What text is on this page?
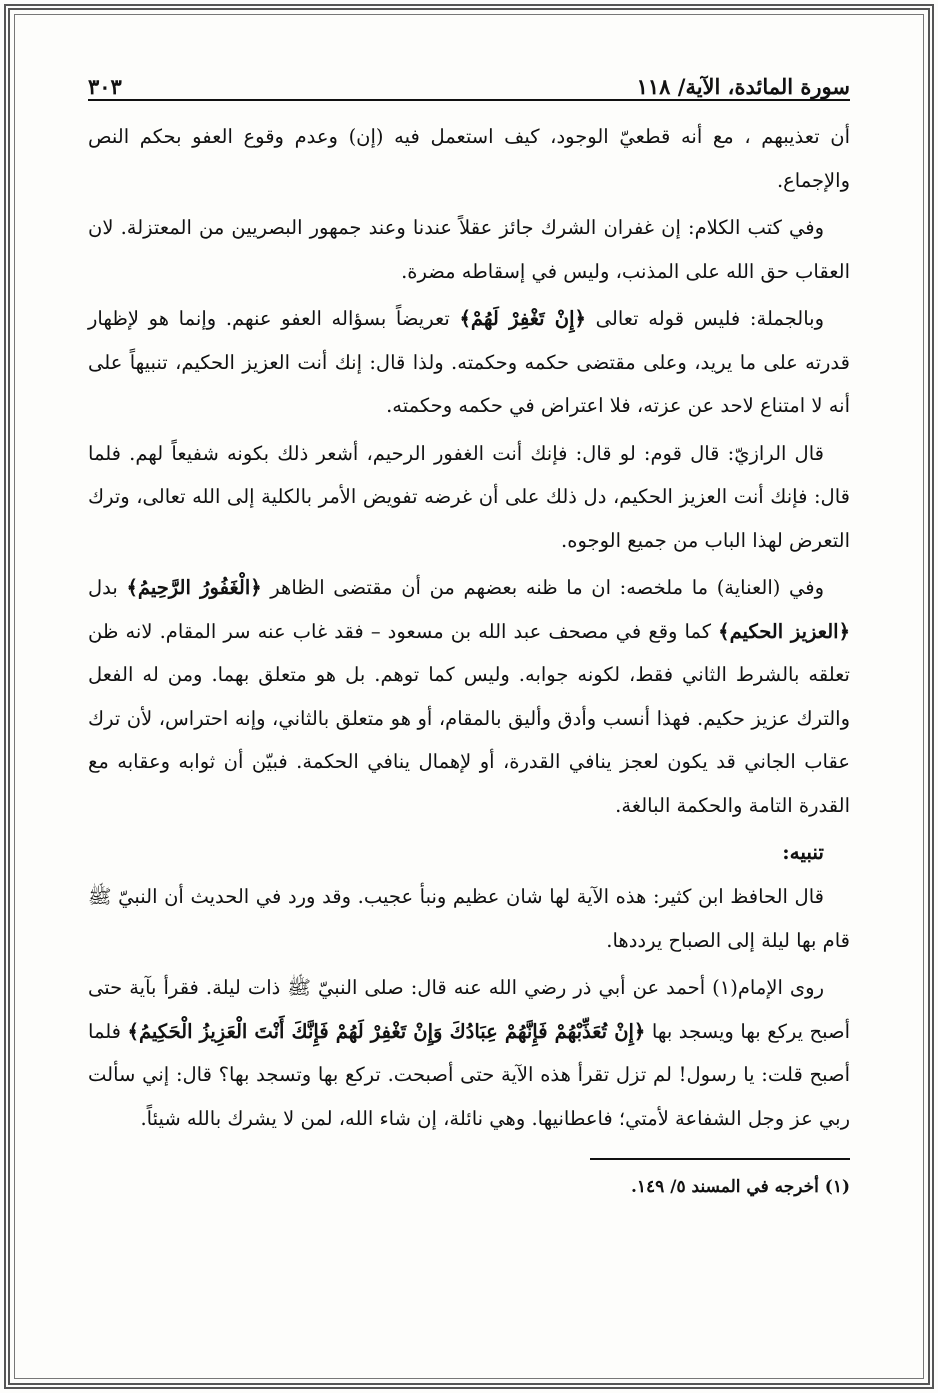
سورة المائدة، الآية/ ١١٨
٣٠٣

أن تعذيبهم ، مع أنه قطعيّ الوجود، كيف استعمل فيه (إن) وعدم وقوع العفو بحكم النص والإجماع.

وفي كتب الكلام: إن غفران الشرك جائز عقلاً عندنا وعند جمهور البصريين من المعتزلة. لان العقاب حق الله على المذنب، وليس في إسقاطه مضرة.

وبالجملة: فليس قوله تعالى ﴿إِنْ تَغْفِرْ لَهُمْ﴾ تعريضاً بسؤاله العفو عنهم. وإنما هو لإظهار قدرته على ما يريد، وعلى مقتضى حكمه وحكمته. ولذا قال: إنك أنت العزيز الحكيم، تنبيهاً على أنه لا امتناع لاحد عن عزته، فلا اعتراض في حكمه وحكمته.

قال الرازيّ: قال قوم: لو قال: فإنك أنت الغفور الرحيم، أشعر ذلك بكونه شفيعاً لهم. فلما قال: فإنك أنت العزيز الحكيم، دل ذلك على أن غرضه تفويض الأمر بالكلية إلى الله تعالى، وترك التعرض لهذا الباب من جميع الوجوه.

وفي (العناية) ما ملخصه: ان ما ظنه بعضهم من أن مقتضى الظاهر ﴿الْغَفُورُ الرَّحِيمُ﴾ بدل ﴿العزيز الحكيم﴾ كما وقع في مصحف عبد الله بن مسعود – فقد غاب عنه سر المقام. لانه ظن تعلقه بالشرط الثاني فقط، لكونه جوابه. وليس كما توهم. بل هو متعلق بهما. ومن له الفعل والترك عزيز حكيم. فهذا أنسب وأدق وأليق بالمقام، أو هو متعلق بالثاني، وإنه احتراس، لأن ترك عقاب الجاني قد يكون لعجز ينافي القدرة، أو لإهمال ينافي الحكمة. فبيّن أن ثوابه وعقابه مع القدرة التامة والحكمة البالغة.

تنبيه:

قال الحافظ ابن كثير: هذه الآية لها شان عظيم ونبأ عجيب. وقد ورد في الحديث أن النبيّ ﷺ قام بها ليلة إلى الصباح يرددها.

روى الإمام(١) أحمد عن أبي ذر رضي الله عنه قال: صلى النبيّ ﷺ ذات ليلة. فقرأ بآية حتى أصبح يركع بها ويسجد بها ﴿إِنْ تُعَذِّبْهُمْ فَإِنَّهُمْ عِبَادُكَ وَإِنْ تَغْفِرْ لَهُمْ فَإِنَّكَ أَنْتَ الْعَزِيزُ الْحَكِيمُ﴾ فلما أصبح قلت: يا رسول! لم تزل تقرأ هذه الآية حتى أصبحت. تركع بها وتسجد بها؟ قال: إني سألت ربي عز وجل الشفاعة لأمتي؛ فاعطانيها. وهي نائلة، إن شاء الله، لمن لا يشرك بالله شيئاً.

(١) أخرجه في المسند ٥/ ١٤٩.
